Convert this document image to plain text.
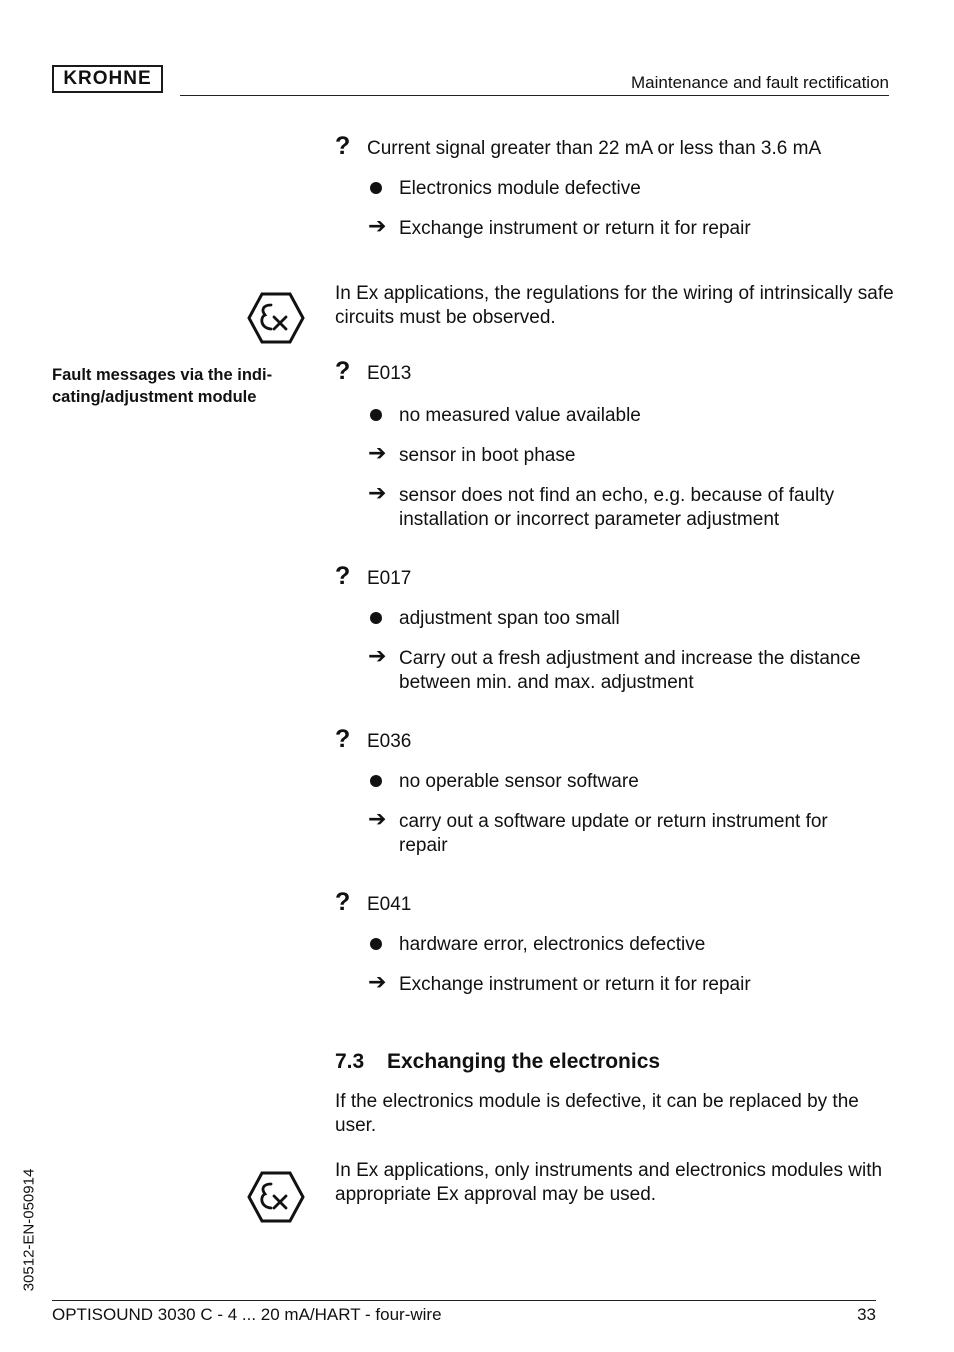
KROHNE	Maintenance and fault rectification
? Current signal greater than 22 mA or less than 3.6 mA
Electronics module defective
➔ Exchange instrument or return it for repair
In Ex applications, the regulations for the wiring of intrinsically safe circuits must be observed.
Fault messages via the indi-cating/adjustment module
? E013
no measured value available
➔ sensor in boot phase
➔ sensor does not find an echo, e.g. because of faulty installation or incorrect parameter adjustment
? E017
adjustment span too small
➔ Carry out a fresh adjustment and increase the distance between min. and max. adjustment
? E036
no operable sensor software
➔ carry out a software update or return instrument for repair
? E041
hardware error, electronics defective
➔ Exchange instrument or return it for repair
7.3 Exchanging the electronics
If the electronics module is defective, it can be replaced by the user.
In Ex applications, only instruments and electronics modules with appropriate Ex approval may be used.
30512-EN-050914
OPTISOUND 3030 C - 4 ... 20 mA/HART - four-wire	33
